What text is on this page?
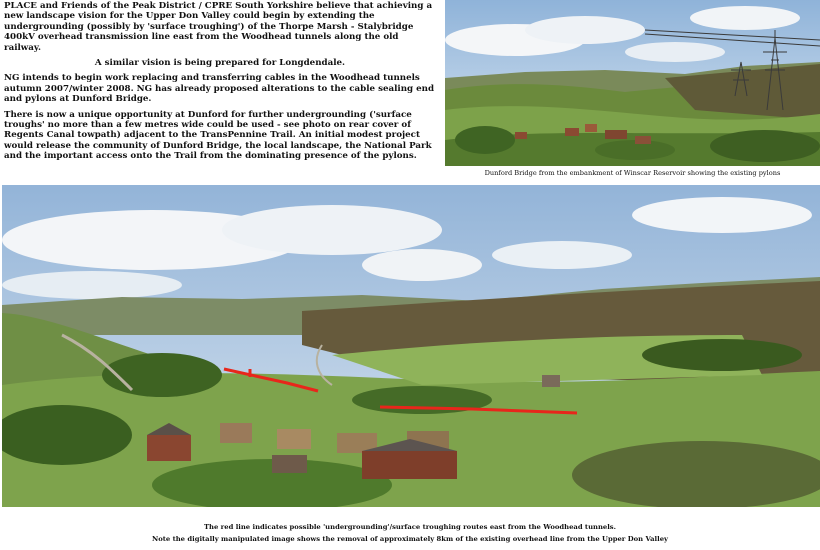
PLACE and Friends of the Peak District / CPRE South Yorkshire believe that achieving a new landscape vision for the Upper Don Valley could begin by extending the undergrounding (possibly by 'surface troughing') of the Thorpe Marsh - Stalybridge 400kV overhead transmission line east from the Woodhead tunnels along the old railway.

A similar vision is being prepared for Longdendale.

NG intends to begin work replacing and transferring cables in the Woodhead tunnels autumn 2007/winter 2008. NG has already proposed alterations to the cable sealing end and pylons at Dunford Bridge.

There is now a unique opportunity at Dunford for further undergrounding ('surface troughs' no more than a few metres wide could be used - see photo on rear cover of Regents Canal towpath) adjacent to the TransPennine Trail. An initial modest project would release the community of Dunford Bridge, the local landscape, the National Park and the important access onto the Trail from the dominating presence of the pylons.

Dunford Bridge from the embankment of Winscar Reservoir showing the existing pylons

The red line indicates possible 'undergrounding'/surface troughing routes east from the Woodhead tunnels.

Note the digitally manipulated image shows the removal of approximately 8km of the existing overhead line from the Upper Don Valley
